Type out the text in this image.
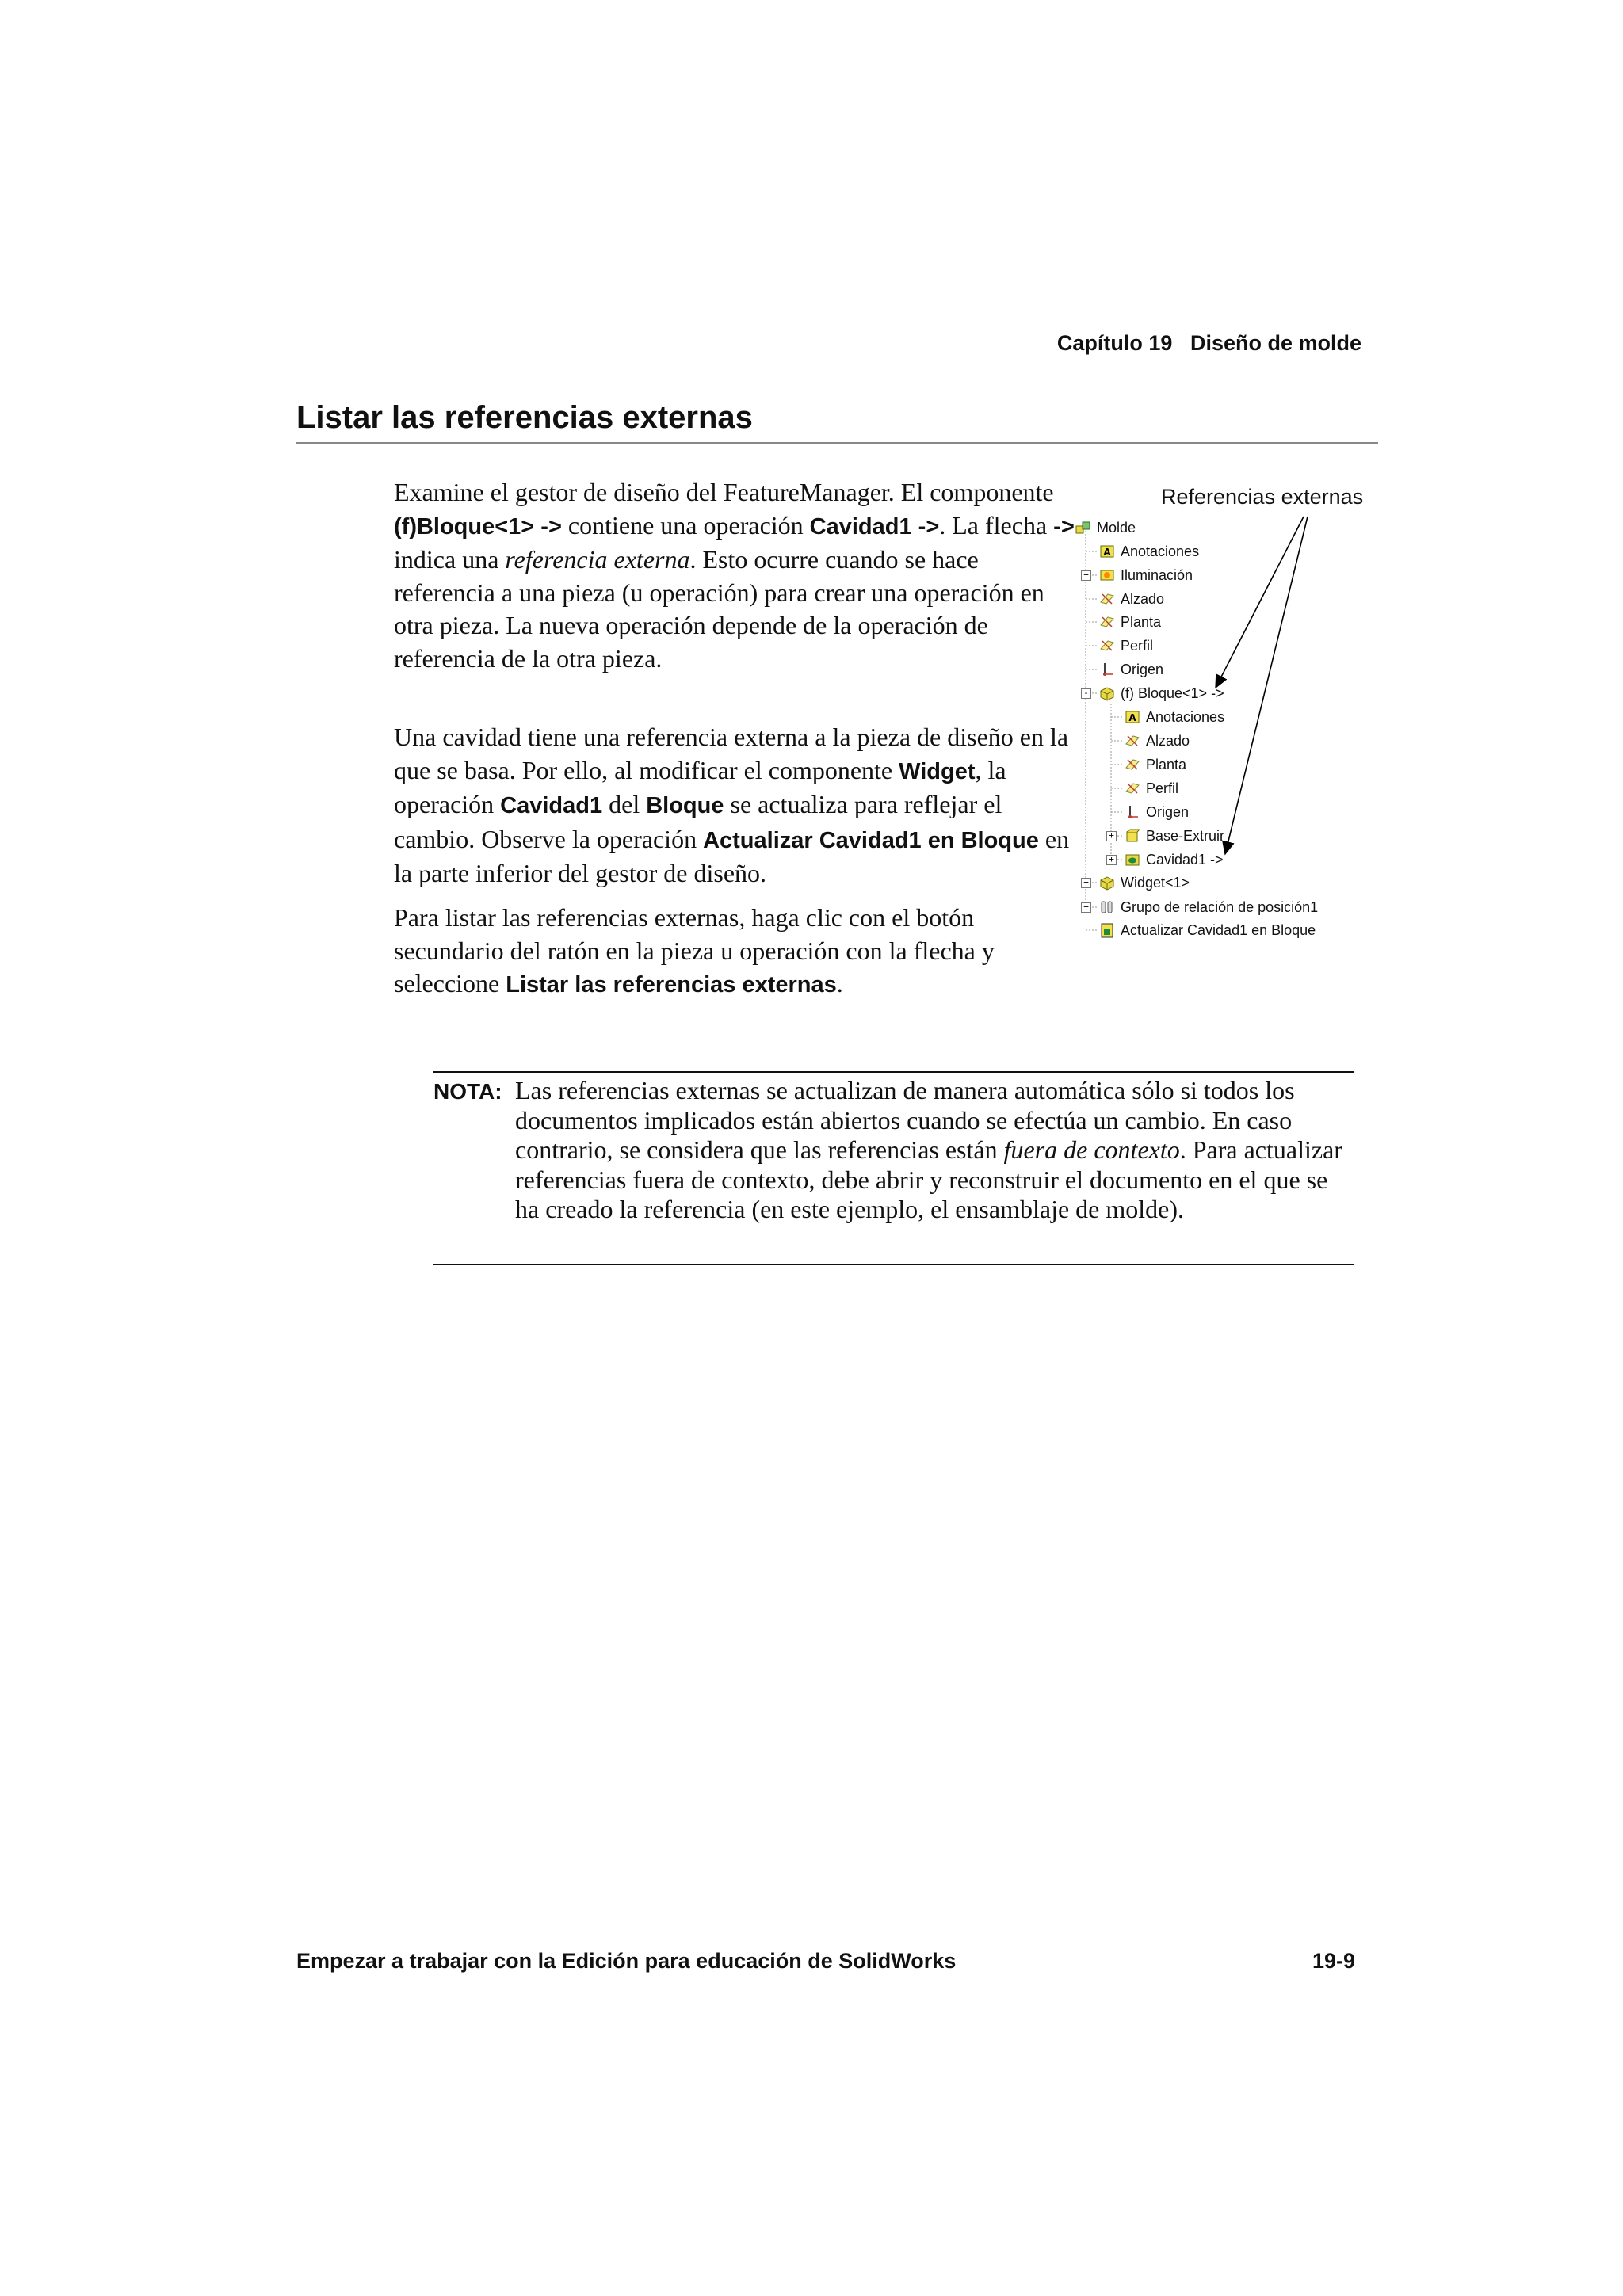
Capítulo 19 Diseño de molde
Listar las referencias externas

Examine el gestor de diseño del FeatureManager. El componente (f)Bloque<1> -> contiene una operación Cavidad1 ->. La flecha -> indica una referencia externa. Esto ocurre cuando se hace referencia a una pieza (u operación) para crear una operación en otra pieza. La nueva operación depende de la operación de referencia de la otra pieza.

Una cavidad tiene una referencia externa a la pieza de diseño en la que se basa. Por ello, al modificar el componente Widget, la operación Cavidad1 del Bloque se actualiza para reflejar el cambio. Observe la operación Actualizar Cavidad1 en Bloque en la parte inferior del gestor de diseño.

Para listar las referencias externas, haga clic con el botón secundario del ratón en la pieza u operación con la flecha y seleccione Listar las referencias externas.

Molde
A Anotaciones
+ Iluminación
Alzado
Planta
Perfil
Origen
- (f) Bloque<1> ->
A Anotaciones
Alzado
Planta
Perfil
Origen
+ Base-Extruir
+ Cavidad1 ->
+ Widget<1>
+ Grupo de relación de posición1
Actualizar Cavidad1 en Bloque
Referencias externas
NOTA: Las referencias externas se actualizan de manera automática sólo si todos los documentos implicados están abiertos cuando se efectúa un cambio. En caso contrario, se considera que las referencias están fuera de contexto. Para actualizar referencias fuera de contexto, debe abrir y reconstruir el documento en el que se ha creado la referencia (en este ejemplo, el ensamblaje de molde).

Empezar a trabajar con la Edición para educación de SolidWorks	19-9
